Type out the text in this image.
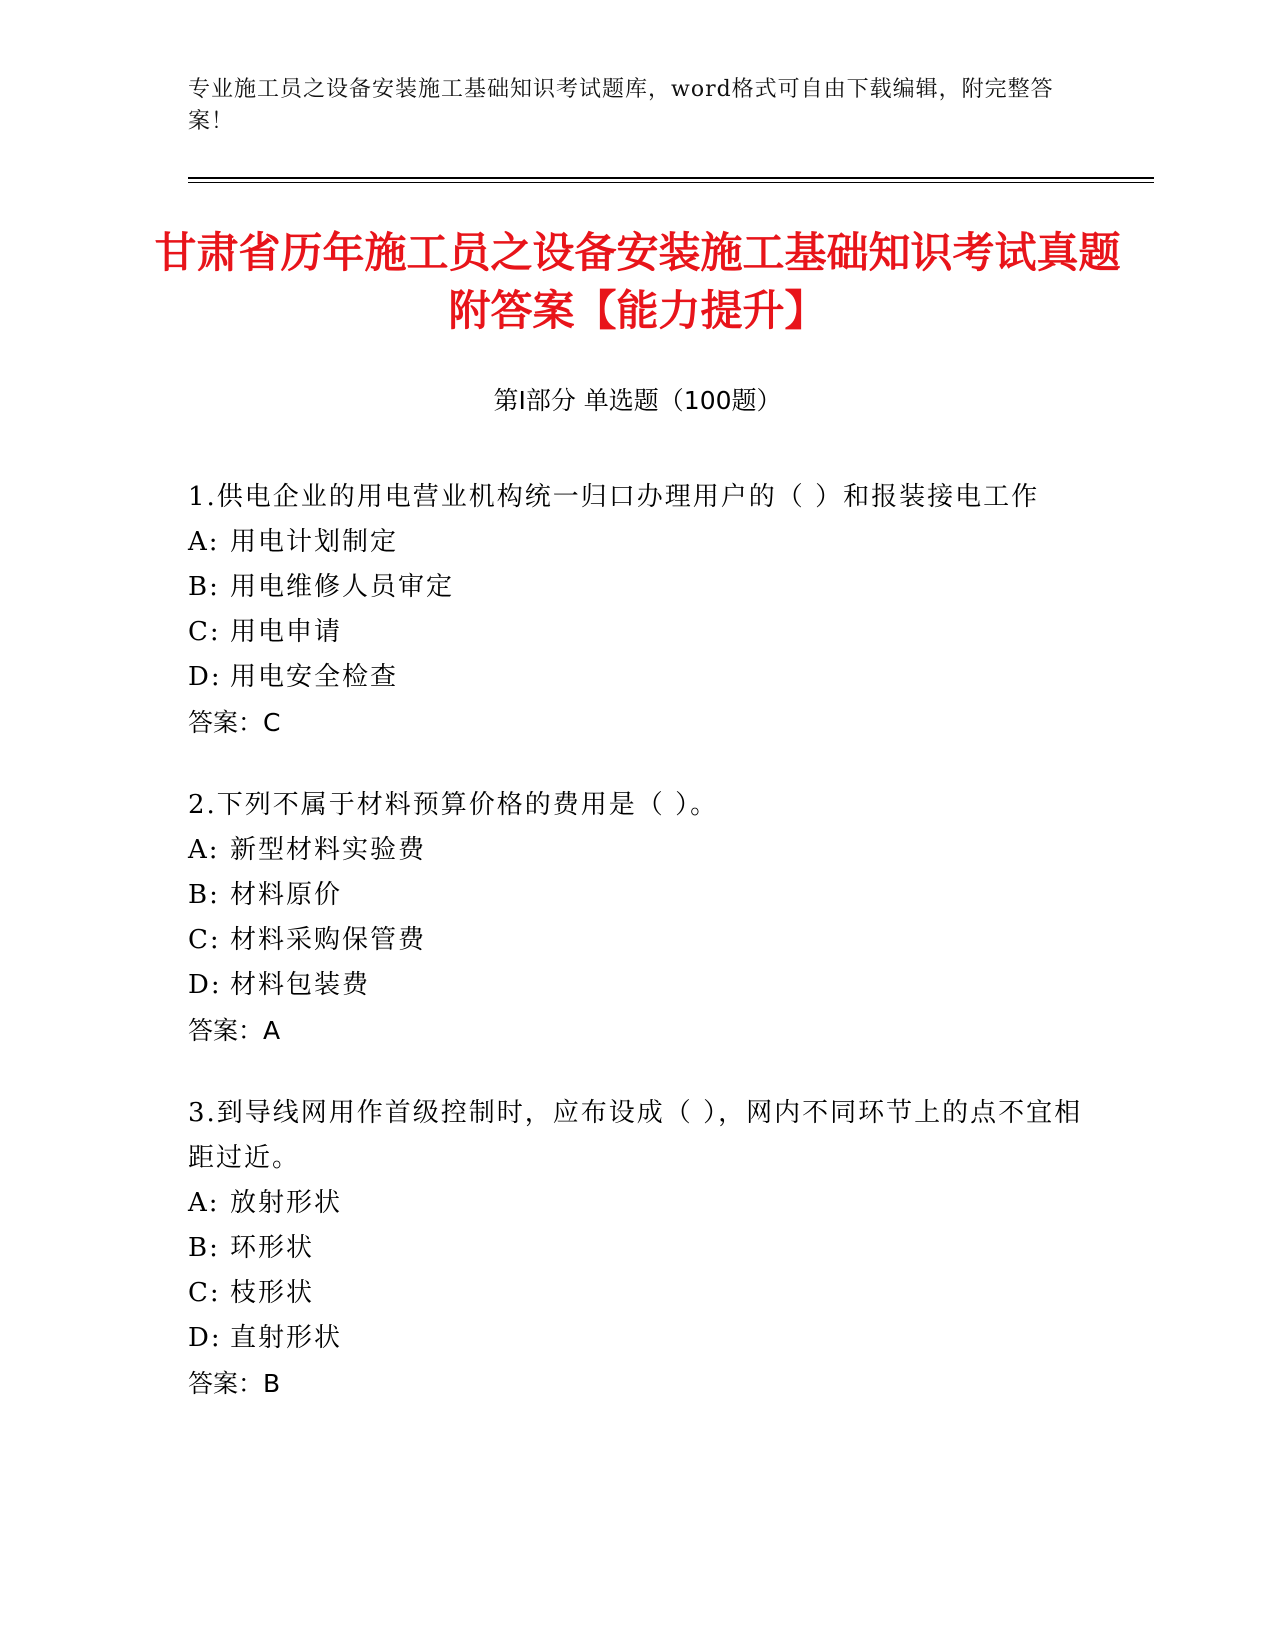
专业施工员之设备安装施工基础知识考试题库，word格式可自由下载编辑，附完整答案！
甘肃省历年施工员之设备安装施工基础知识考试真题附答案【能力提升】
第Ⅰ部分 单选题（100题）
1.供电企业的用电营业机构统一归口办理用户的（ ）和报装接电工作
A: 用电计划制定
B: 用电维修人员审定
C: 用电申请
D: 用电安全检查
答案：C
2.下列不属于材料预算价格的费用是（ ）。
A: 新型材料实验费
B: 材料原价
C: 材料采购保管费
D: 材料包装费
答案：A
3.到导线网用作首级控制时，应布设成（ ），网内不同环节上的点不宜相距过近。
A: 放射形状
B: 环形状
C: 枝形状
D: 直射形状
答案：B
